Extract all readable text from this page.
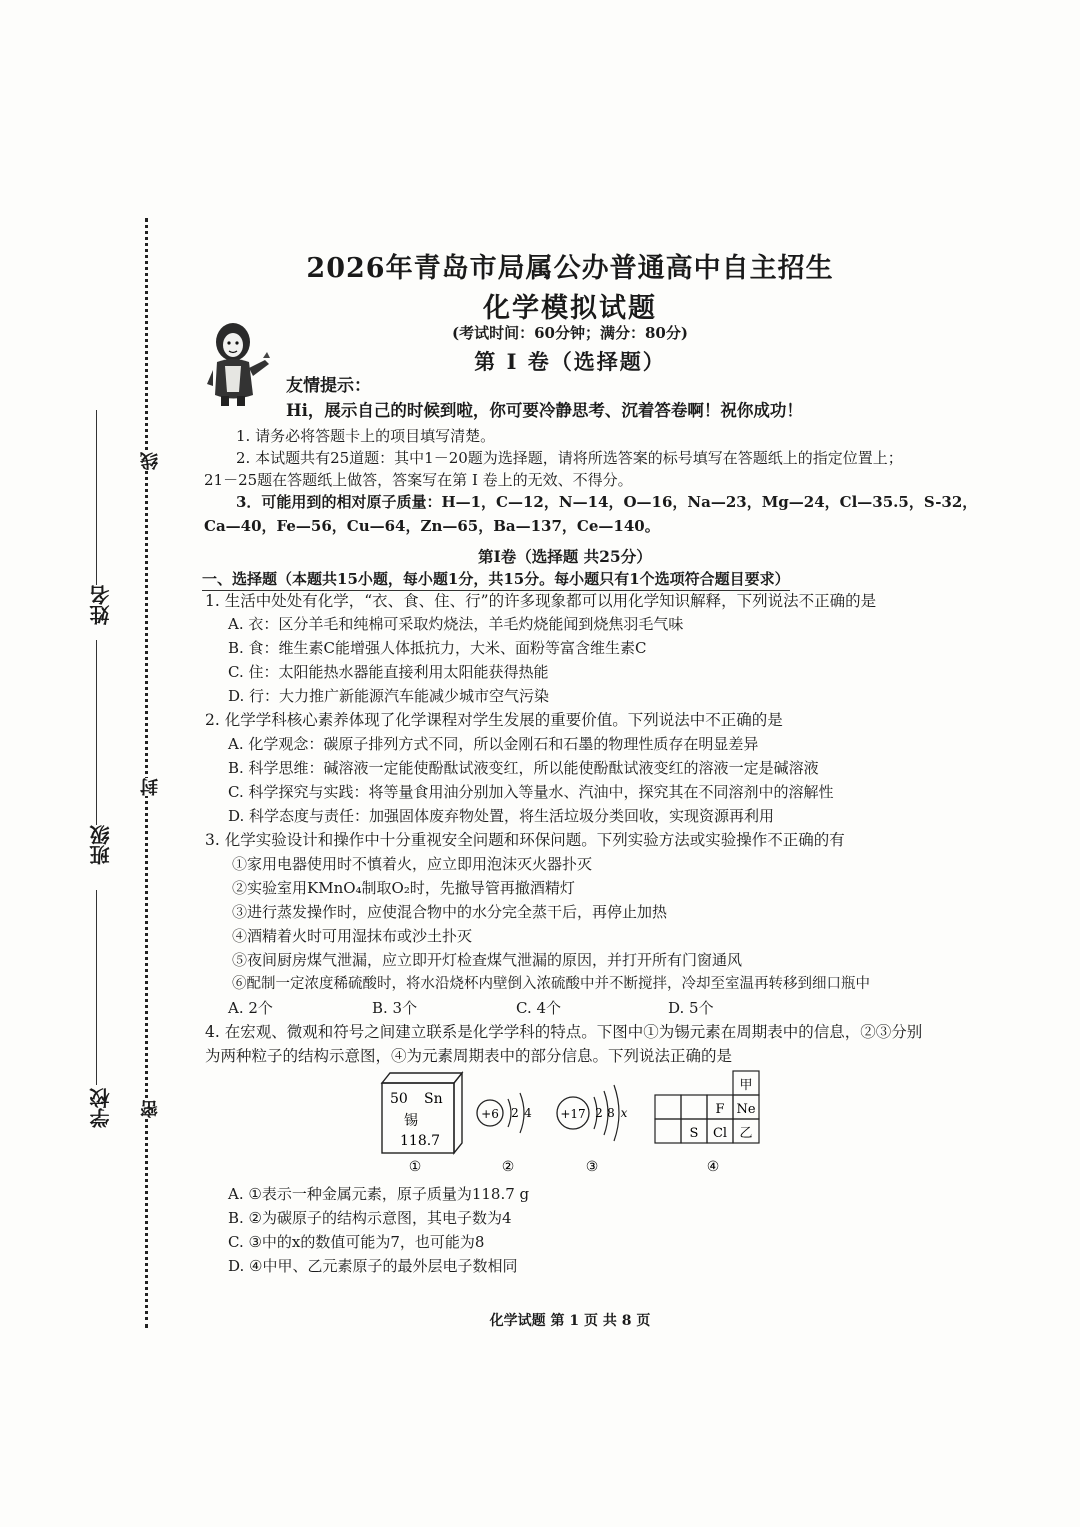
姓名
班级
学校
线
封
密
2026年青岛市局属公办普通高中自主招生
化学模拟试题
(考试时间：60分钟；满分：80分)
第 I 卷（选择题）
友情提示：
Hi，展示自己的时候到啦，你可要冷静思考、沉着答卷啊！祝你成功！
1. 请务必将答题卡上的项目填写清楚。
2. 本试题共有25道题：其中1－20题为选择题，请将所选答案的标号填写在答题纸上的指定位置上；
21－25题在答题纸上做答，答案写在第 I 卷上的无效、不得分。
3．可能用到的相对原子质量：H—1，C—12，N—14，O—16，Na—23，Mg—24，Cl—35.5，S-32，
Ca—40，Fe—56，Cu—64，Zn—65，Ba—137，Ce—140。
第I卷（选择题 共25分）
一、选择题（本题共15小题，每小题1分，共15分。每小题只有1个选项符合题目要求）
1. 生活中处处有化学，“衣、食、住、行”的许多现象都可以用化学知识解释，下列说法不正确的是
A. 衣：区分羊毛和纯棉可采取灼烧法，羊毛灼烧能闻到烧焦羽毛气味
B. 食：维生素C能增强人体抵抗力，大米、面粉等富含维生素C
C. 住：太阳能热水器能直接利用太阳能获得热能
D. 行：大力推广新能源汽车能减少城市空气污染
2. 化学学科核心素养体现了化学课程对学生发展的重要价值。下列说法中不正确的是
A. 化学观念：碳原子排列方式不同，所以金刚石和石墨的物理性质存在明显差异
B. 科学思维：碱溶液一定能使酚酞试液变红，所以能使酚酞试液变红的溶液一定是碱溶液
C. 科学探究与实践：将等量食用油分别加入等量水、汽油中，探究其在不同溶剂中的溶解性
D. 科学态度与责任：加强固体废弃物处置，将生活垃圾分类回收，实现资源再利用
3. 化学实验设计和操作中十分重视安全问题和环保问题。下列实验方法或实验操作不正确的有
①家用电器使用时不慎着火，应立即用泡沫灭火器扑灭
②实验室用KMnO₄制取O₂时，先撤导管再撤酒精灯
③进行蒸发操作时，应使混合物中的水分完全蒸干后，再停止加热
④酒精着火时可用湿抹布或沙土扑灭
⑤夜间厨房煤气泄漏，应立即开灯检查煤气泄漏的原因，并打开所有门窗通风
⑥配制一定浓度稀硫酸时，将水沿烧杯内壁倒入浓硫酸中并不断搅拌，冷却至室温再转移到细口瓶中
A. 2个	B. 3个	C. 4个	D. 5个
4. 在宏观、微观和符号之间建立联系是化学学科的特点。下图中①为锡元素在周期表中的信息，②③分别
为两种粒子的结构示意图，④为元素周期表中的部分信息。下列说法正确的是
50 Sn
锡
118.7
+6 2 4 +17 2 8 x
甲
F Ne
S Cl 乙
①	②	③	④
A. ①表示一种金属元素，原子质量为118.7 g
B. ②为碳原子的结构示意图，其电子数为4
C. ③中的x的数值可能为7，也可能为8
D. ④中甲、乙元素原子的最外层电子数相同
化学试题 第 1 页 共 8 页
